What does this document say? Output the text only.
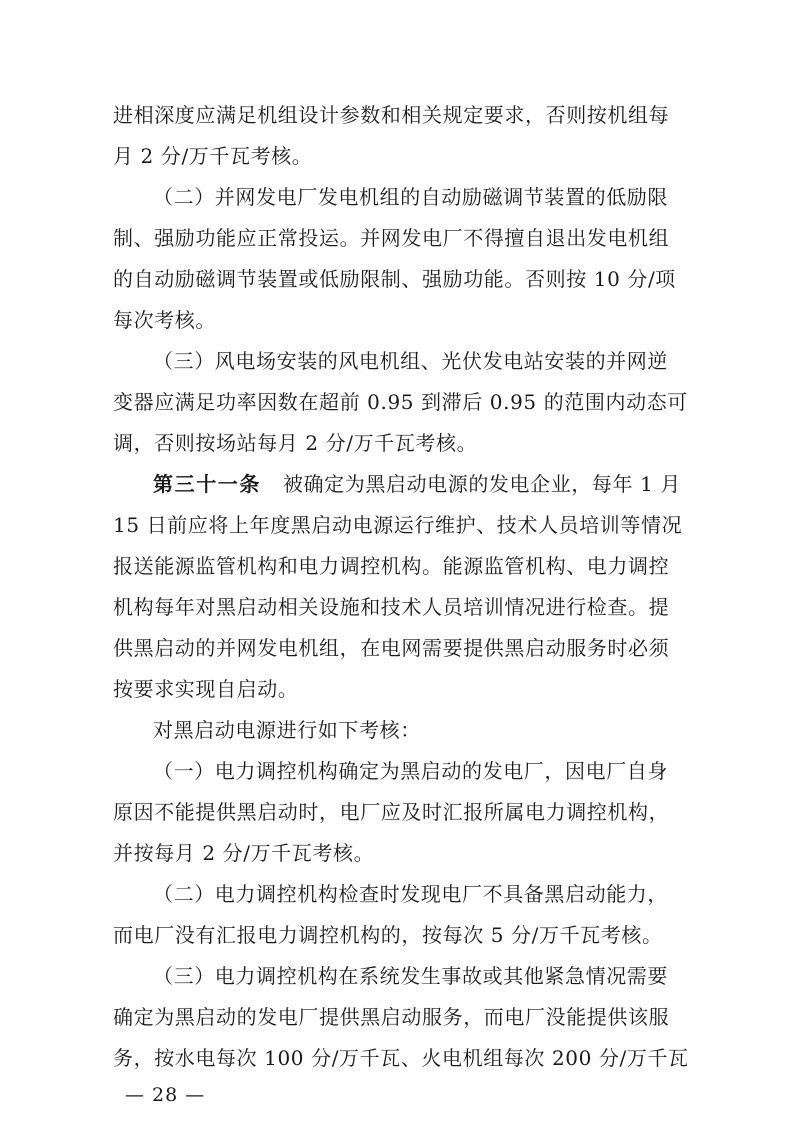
进相深度应满足机组设计参数和相关规定要求，否则按机组每
月 2 分/万千瓦考核。
（二）并网发电厂发电机组的自动励磁调节装置的低励限
制、强励功能应正常投运。并网发电厂不得擅自退出发电机组
的自动励磁调节装置或低励限制、强励功能。否则按 10 分/项
每次考核。
（三）风电场安装的风电机组、光伏发电站安装的并网逆
变器应满足功率因数在超前 0.95 到滞后 0.95 的范围内动态可
调，否则按场站每月 2 分/万千瓦考核。
第三十一条 被确定为黑启动电源的发电企业，每年 1 月
15 日前应将上年度黑启动电源运行维护、技术人员培训等情况
报送能源监管机构和电力调控机构。能源监管机构、电力调控
机构每年对黑启动相关设施和技术人员培训情况进行检查。提
供黑启动的并网发电机组，在电网需要提供黑启动服务时必须
按要求实现自启动。
对黑启动电源进行如下考核：
（一）电力调控机构确定为黑启动的发电厂，因电厂自身
原因不能提供黑启动时，电厂应及时汇报所属电力调控机构，
并按每月 2 分/万千瓦考核。
（二）电力调控机构检查时发现电厂不具备黑启动能力，
而电厂没有汇报电力调控机构的，按每次 5 分/万千瓦考核。
（三）电力调控机构在系统发生事故或其他紧急情况需要
确定为黑启动的发电厂提供黑启动服务，而电厂没能提供该服
务，按水电每次 100 分/万千瓦、火电机组每次 200 分/万千瓦
— 28 —
